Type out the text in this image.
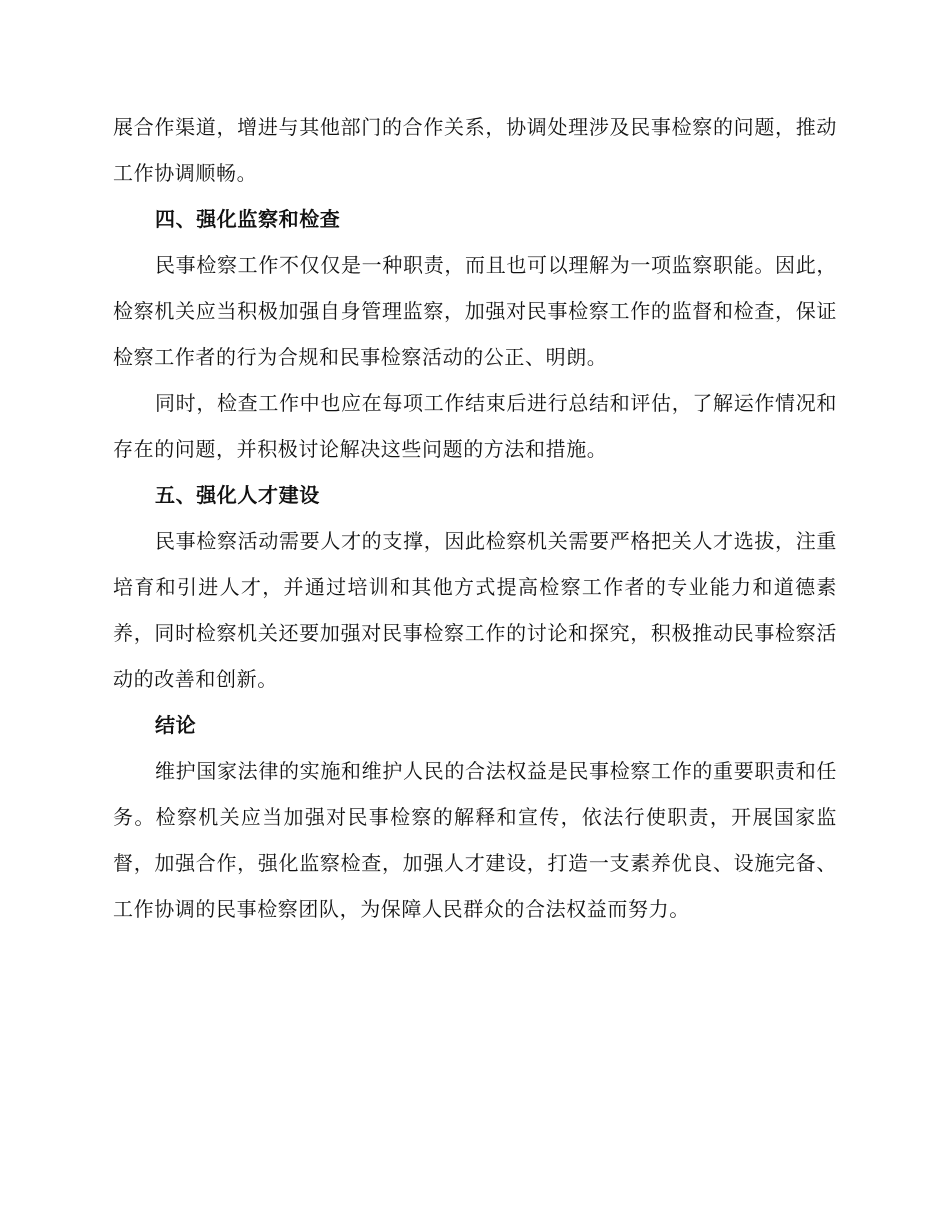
展合作渠道，增进与其他部门的合作关系，协调处理涉及民事检察的问题，推动工作协调顺畅。

四、强化监察和检查

民事检察工作不仅仅是一种职责，而且也可以理解为一项监察职能。因此，检察机关应当积极加强自身管理监察，加强对民事检察工作的监督和检查，保证检察工作者的行为合规和民事检察活动的公正、明朗。

同时，检查工作中也应在每项工作结束后进行总结和评估，了解运作情况和存在的问题，并积极讨论解决这些问题的方法和措施。

五、强化人才建设

民事检察活动需要人才的支撑，因此检察机关需要严格把关人才选拔，注重培育和引进人才，并通过培训和其他方式提高检察工作者的专业能力和道德素养，同时检察机关还要加强对民事检察工作的讨论和探究，积极推动民事检察活动的改善和创新。

结论

维护国家法律的实施和维护人民的合法权益是民事检察工作的重要职责和任务。检察机关应当加强对民事检察的解释和宣传，依法行使职责，开展国家监督，加强合作，强化监察检查，加强人才建设，打造一支素养优良、设施完备、工作协调的民事检察团队，为保障人民群众的合法权益而努力。
